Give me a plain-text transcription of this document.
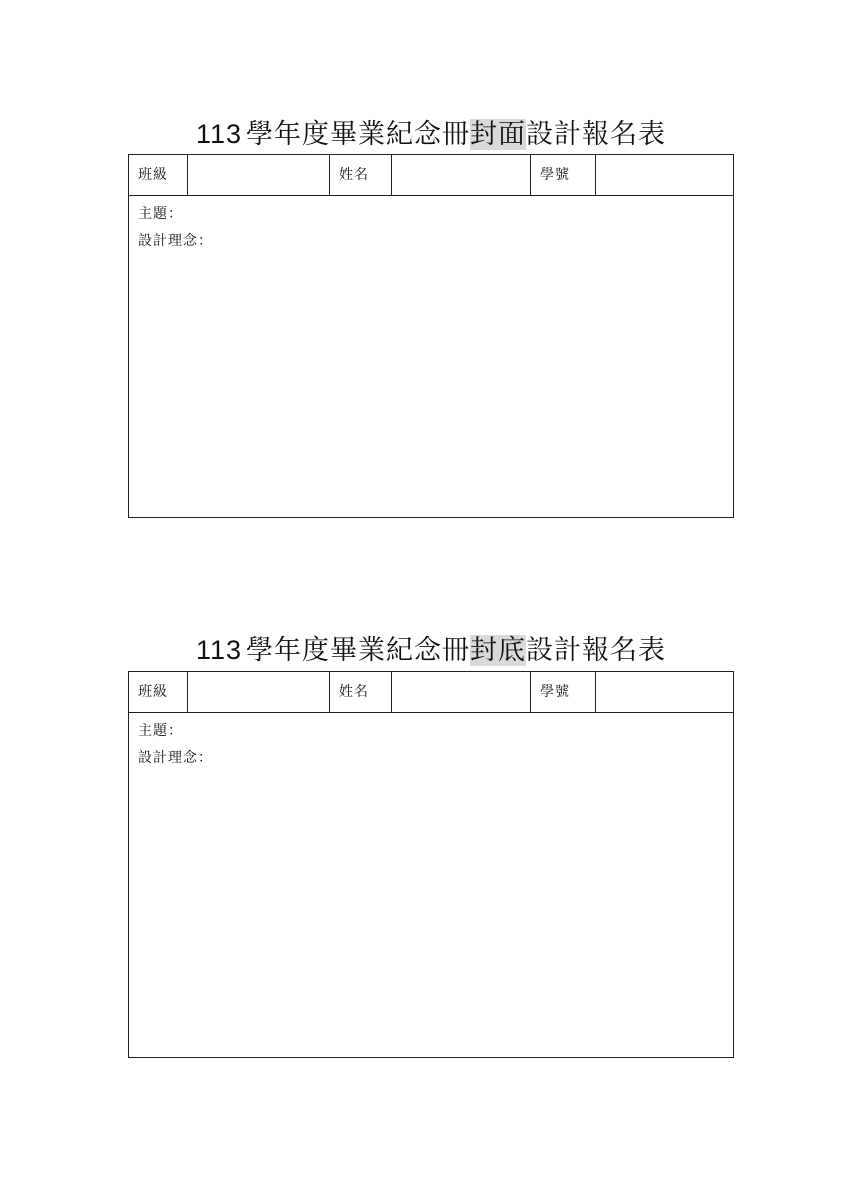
113 學年度畢業紀念冊封面設計報名表
班級	姓名	學號
主題：
設計理念：
113 學年度畢業紀念冊封底設計報名表
班級	姓名	學號
主題：
設計理念：
